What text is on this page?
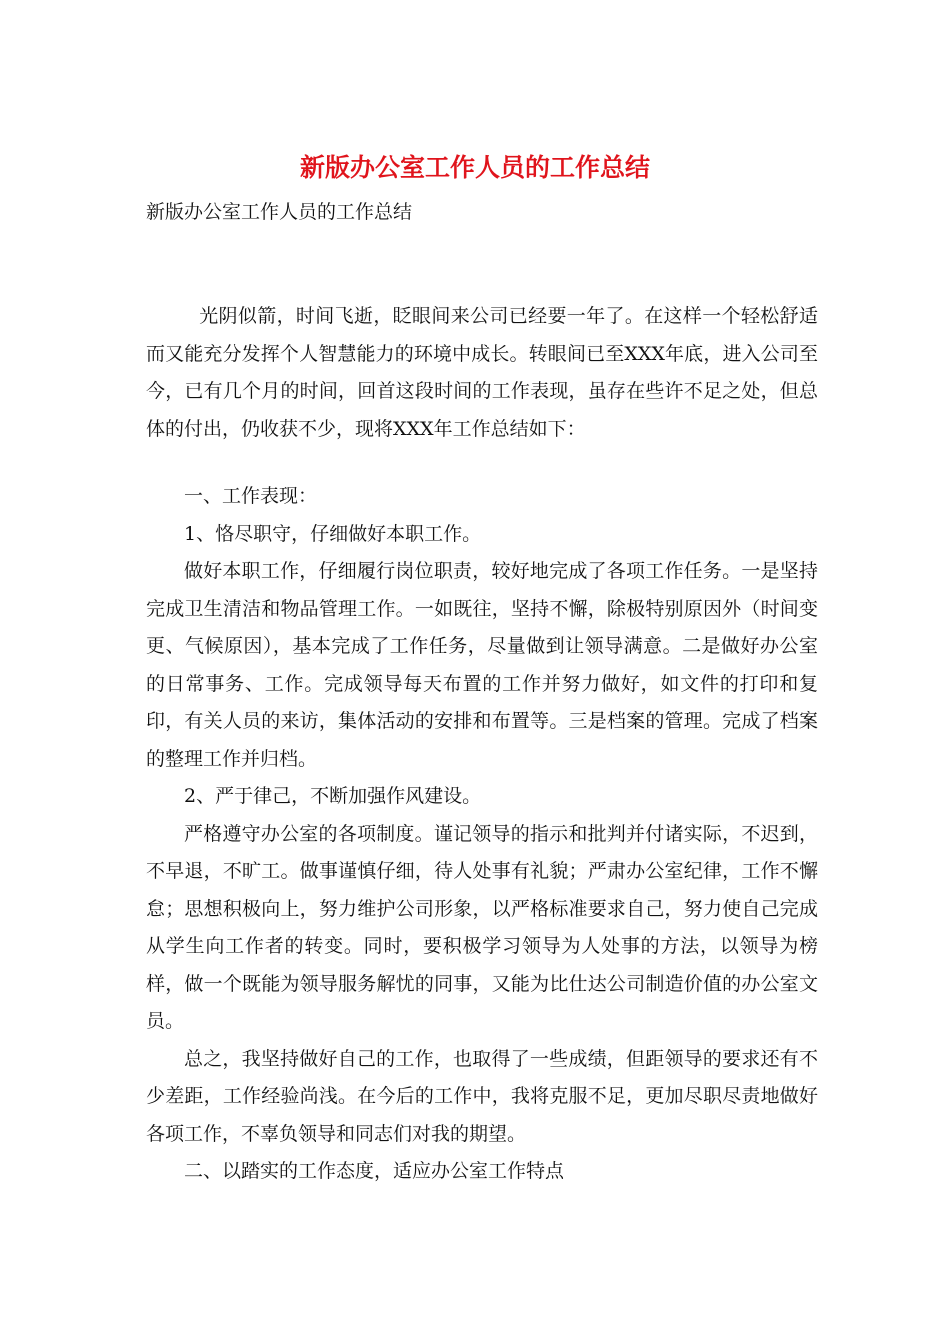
新版办公室工作人员的工作总结
新版办公室工作人员的工作总结

光阴似箭，时间飞逝，眨眼间来公司已经要一年了。在这样一个轻松舒适而又能充分发挥个人智慧能力的环境中成长。转眼间已至XXX年底，进入公司至今，已有几个月的时间，回首这段时间的工作表现，虽存在些许不足之处，但总体的付出，仍收获不少，现将XXX年工作总结如下：

一、工作表现：

1、恪尽职守，仔细做好本职工作。

做好本职工作，仔细履行岗位职责，较好地完成了各项工作任务。一是坚持完成卫生清洁和物品管理工作。一如既往，坚持不懈，除极特别原因外（时间变更、气候原因），基本完成了工作任务，尽量做到让领导满意。二是做好办公室的日常事务、工作。完成领导每天布置的工作并努力做好，如文件的打印和复印，有关人员的来访，集体活动的安排和布置等。三是档案的管理。完成了档案的整理工作并归档。

2、严于律己，不断加强作风建设。

严格遵守办公室的各项制度。谨记领导的指示和批判并付诸实际，不迟到，不早退，不旷工。做事谨慎仔细，待人处事有礼貌；严肃办公室纪律，工作不懈怠；思想积极向上，努力维护公司形象，以严格标准要求自己，努力使自己完成从学生向工作者的转变。同时，要积极学习领导为人处事的方法，以领导为榜样，做一个既能为领导服务解忧的同事，又能为比仕达公司制造价值的办公室文员。

总之，我坚持做好自己的工作，也取得了一些成绩，但距领导的要求还有不少差距，工作经验尚浅。在今后的工作中，我将克服不足，更加尽职尽责地做好各项工作，不辜负领导和同志们对我的期望。

二、以踏实的工作态度，适应办公室工作特点
